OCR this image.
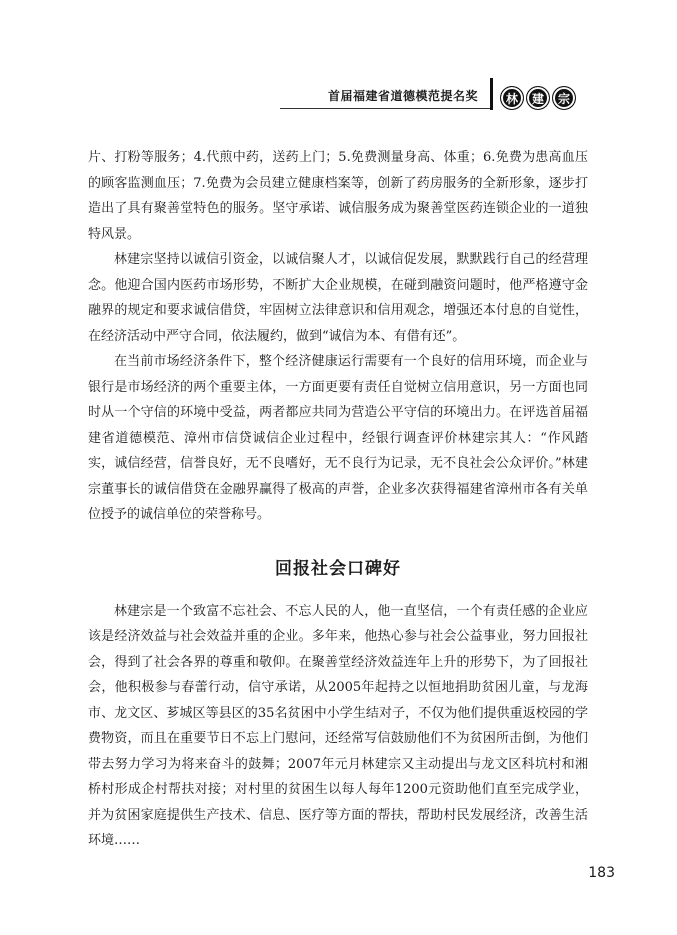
首届福建省道德模范提名奖	林	建	宗

片、打粉等服务；4.代煎中药，送药上门；5.免费测量身高、体重；6.免费为患高血压的顾客监测血压；7.免费为会员建立健康档案等，创新了药房服务的全新形象，逐步打造出了具有聚善堂特色的服务。坚守承诺、诚信服务成为聚善堂医药连锁企业的一道独特风景。

林建宗坚持以诚信引资金，以诚信聚人才，以诚信促发展，默默践行自己的经营理念。他迎合国内医药市场形势，不断扩大企业规模，在碰到融资问题时，他严格遵守金融界的规定和要求诚信借贷，牢固树立法律意识和信用观念，增强还本付息的自觉性，在经济活动中严守合同，依法履约，做到“诚信为本、有借有还”。

在当前市场经济条件下，整个经济健康运行需要有一个良好的信用环境，而企业与银行是市场经济的两个重要主体，一方面更要有责任自觉树立信用意识，另一方面也同时从一个守信的环境中受益，两者都应共同为营造公平守信的环境出力。在评选首届福建省道德模范、漳州市信贷诚信企业过程中，经银行调查评价林建宗其人：“作风踏实，诚信经营，信誉良好，无不良嗜好，无不良行为记录，无不良社会公众评价。”林建宗董事长的诚信借贷在金融界赢得了极高的声誉，企业多次获得福建省漳州市各有关单位授予的诚信单位的荣誉称号。

回报社会口碑好

林建宗是一个致富不忘社会、不忘人民的人，他一直坚信，一个有责任感的企业应该是经济效益与社会效益并重的企业。多年来，他热心参与社会公益事业，努力回报社会，得到了社会各界的尊重和敬仰。在聚善堂经济效益连年上升的形势下，为了回报社会，他积极参与春蕾行动，信守承诺，从2005年起持之以恒地捐助贫困儿童，与龙海市、龙文区、芗城区等县区的35名贫困中小学生结对子，不仅为他们提供重返校园的学费物资，而且在重要节日不忘上门慰问，还经常写信鼓励他们不为贫困所击倒，为他们带去努力学习为将来奋斗的鼓舞；2007年元月林建宗又主动提出与龙文区科坑村和湘桥村形成企村帮扶对接；对村里的贫困生以每人每年1200元资助他们直至完成学业，并为贫困家庭提供生产技术、信息、医疗等方面的帮扶，帮助村民发展经济，改善生活环境……

183
